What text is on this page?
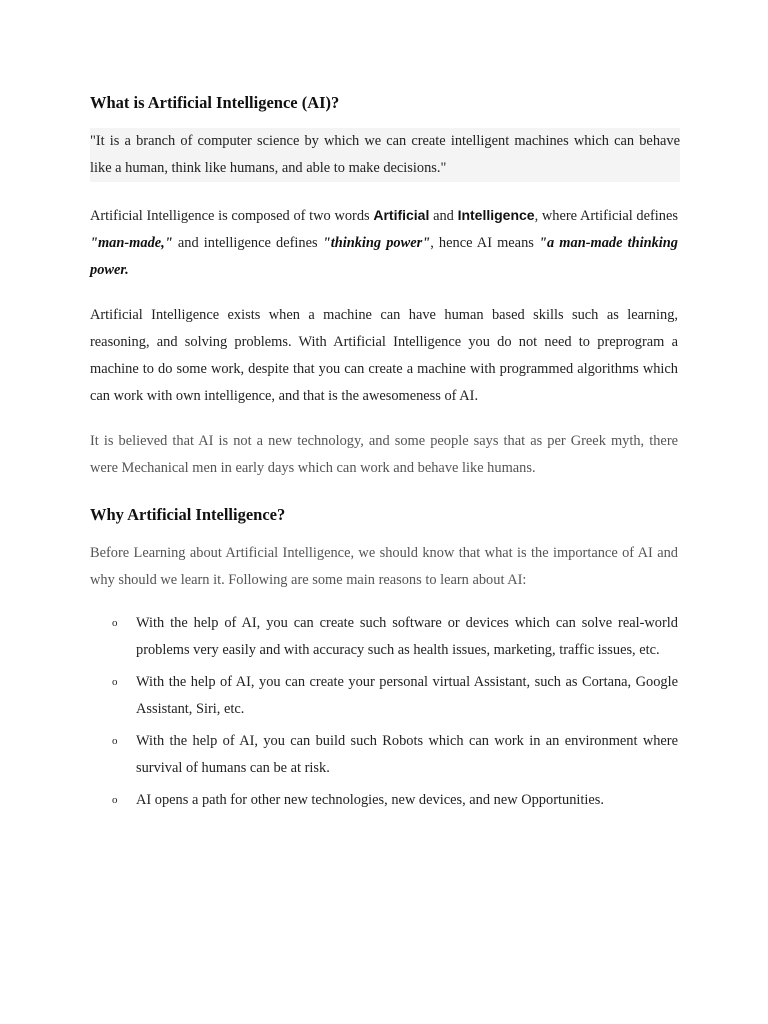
What is Artificial Intelligence (AI)?
"It is a branch of computer science by which we can create intelligent machines which can behave like a human, think like humans, and able to make decisions."

Artificial Intelligence is composed of two words Artificial and Intelligence, where Artificial defines "man-made," and intelligence defines "thinking power", hence AI means "a man-made thinking power.

Artificial Intelligence exists when a machine can have human based skills such as learning, reasoning, and solving problems. With Artificial Intelligence you do not need to preprogram a machine to do some work, despite that you can create a machine with programmed algorithms which can work with own intelligence, and that is the awesomeness of AI.

It is believed that AI is not a new technology, and some people says that as per Greek myth, there were Mechanical men in early days which can work and behave like humans.

Why Artificial Intelligence?

Before Learning about Artificial Intelligence, we should know that what is the importance of AI and why should we learn it. Following are some main reasons to learn about AI:

o With the help of AI, you can create such software or devices which can solve real-world problems very easily and with accuracy such as health issues, marketing, traffic issues, etc.
o With the help of AI, you can create your personal virtual Assistant, such as Cortana, Google Assistant, Siri, etc.
o With the help of AI, you can build such Robots which can work in an environment where survival of humans can be at risk.
o AI opens a path for other new technologies, new devices, and new Opportunities.
